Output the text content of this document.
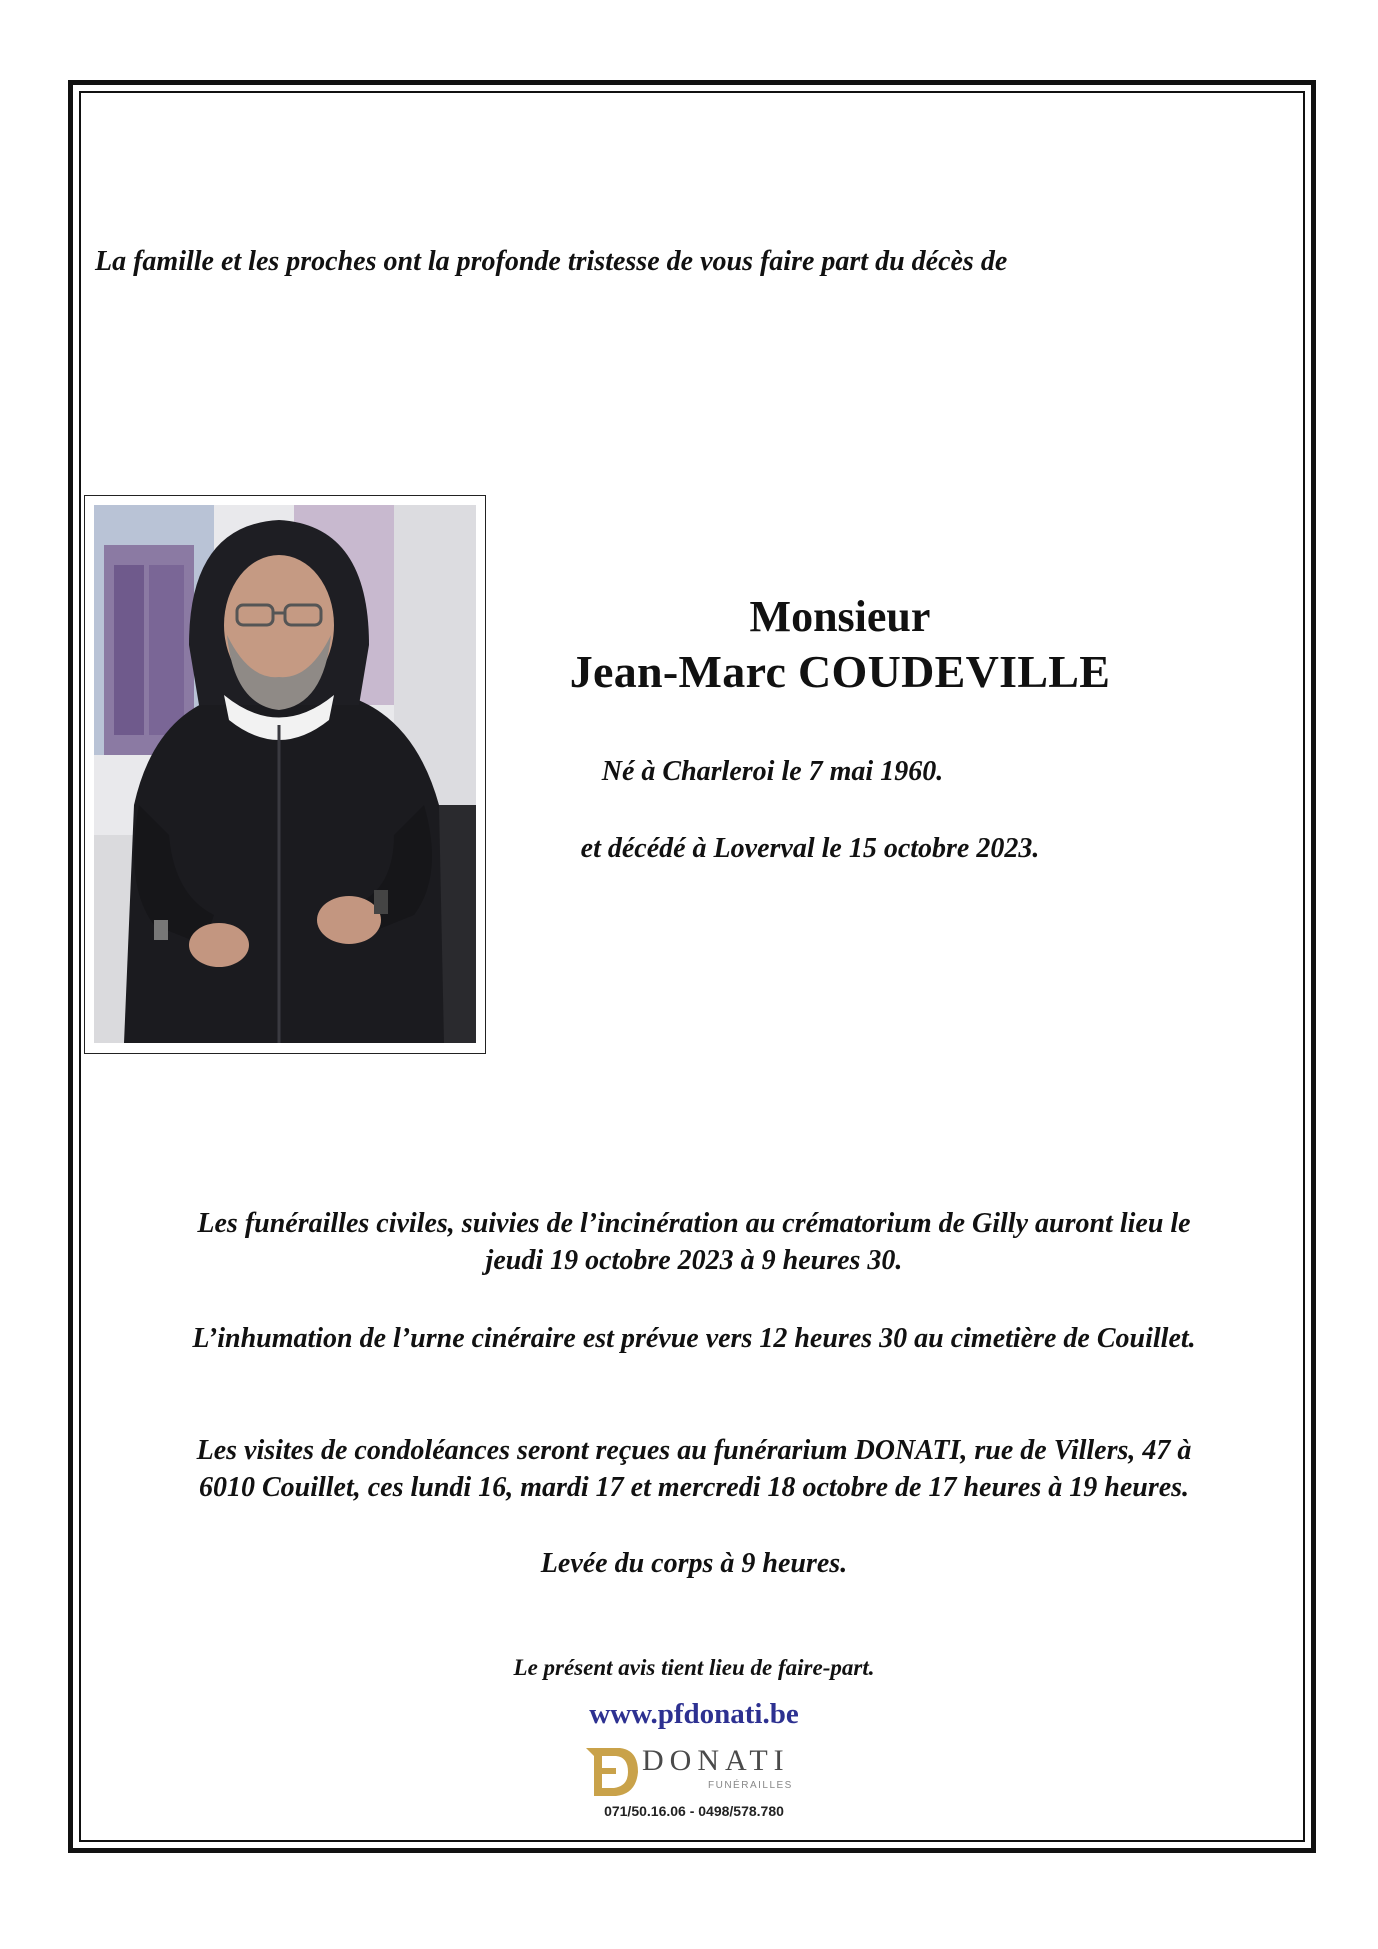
La famille et les proches ont la profonde tristesse de vous faire part du décès de

Monsieur

Jean-Marc COUDEVILLE

Né à Charleroi le 7 mai 1960.
et décédé à Loverval le 15 octobre 2023.

Les funérailles civiles, suivies de l’incinération au crématorium de Gilly auront lieu le
jeudi 19 octobre 2023 à 9 heures 30.

L’inhumation de l’urne cinéraire est prévue vers 12 heures 30 au cimetière de Couillet.

Les visites de condoléances seront reçues au funérarium DONATI, rue de Villers, 47 à
6010 Couillet, ces lundi 16, mardi 17 et mercredi 18 octobre de 17 heures à 19 heures.

Levée du corps à 9 heures.

Le présent avis tient lieu de faire-part.
www.pfdonati.be
DONATI
FUNÉRAILLES
071/50.16.06 - 0498/578.780
